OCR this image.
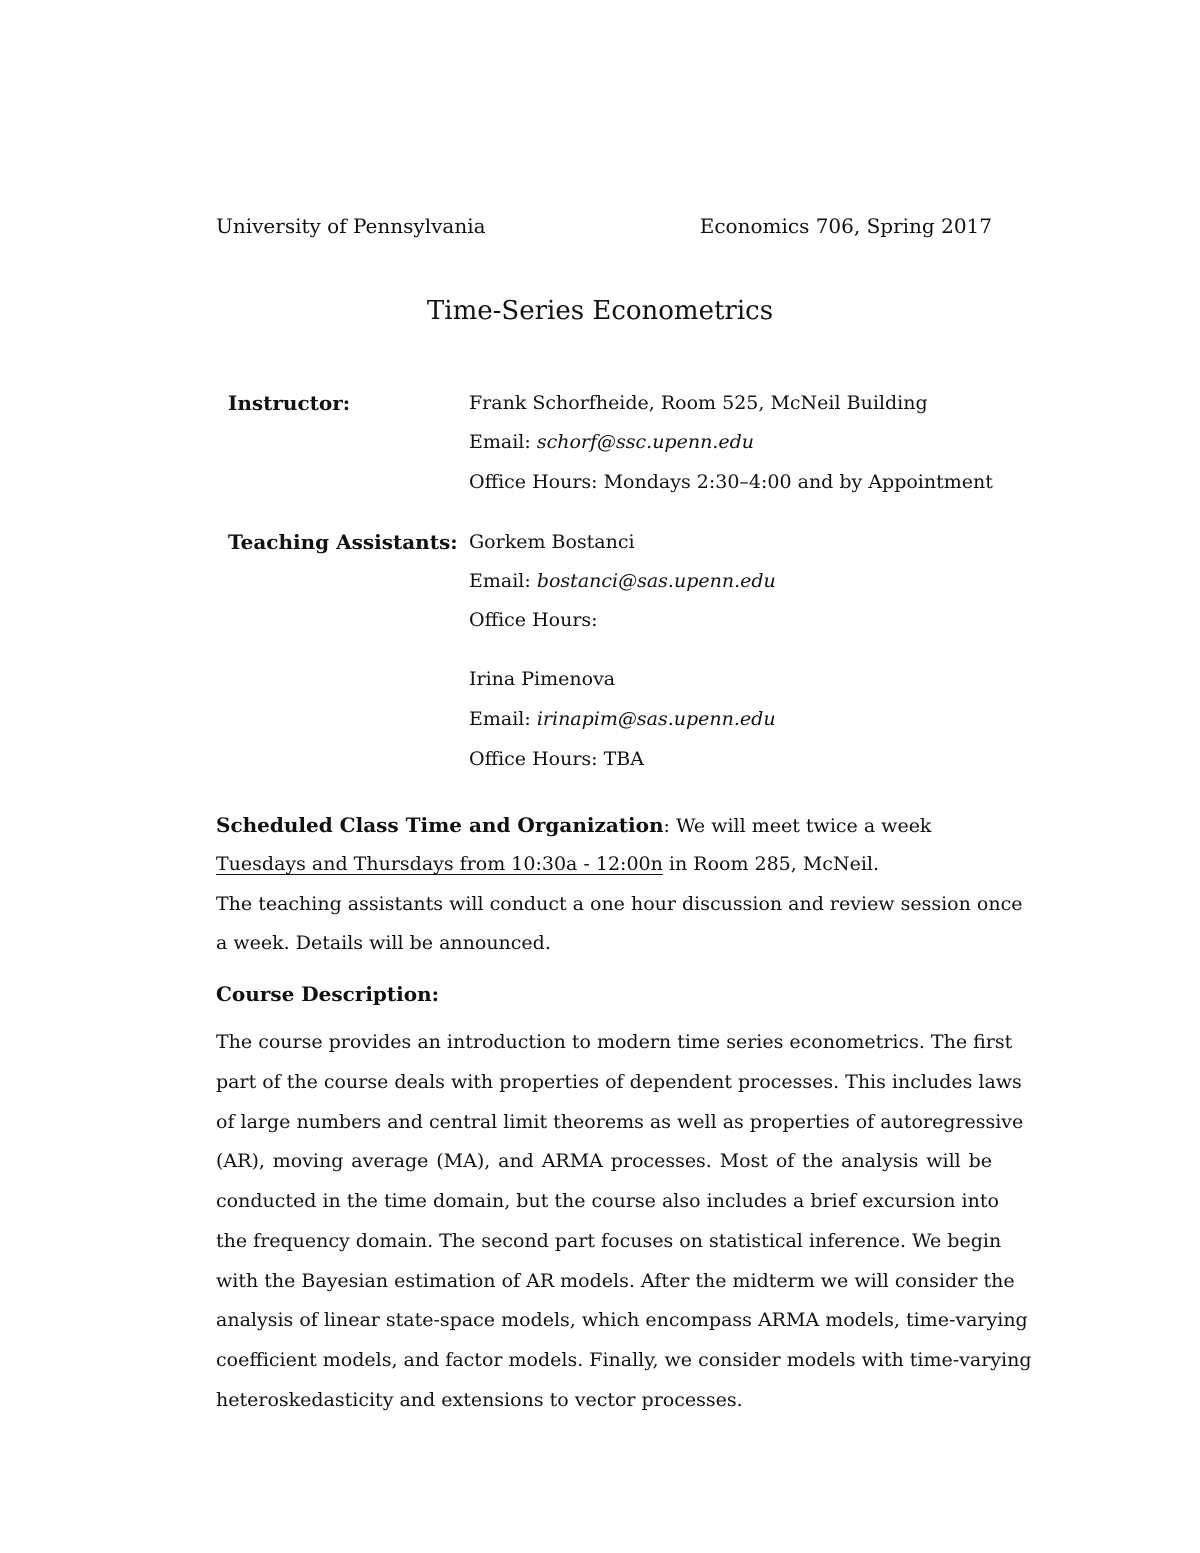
University of Pennsylvania	Economics 706, Spring 2017
Time-Series Econometrics
Instructor:	Frank Schorfheide, Room 525, McNeil Building
Email: schorf@ssc.upenn.edu
Office Hours: Mondays 2:30–4:00 and by Appointment
Teaching Assistants: Gorkem Bostanci
Email: bostanci@sas.upenn.edu
Office Hours:
Irina Pimenova
Email: irinapim@sas.upenn.edu
Office Hours: TBA
Scheduled Class Time and Organization: We will meet twice a week
Tuesdays and Thursdays from 10:30a - 12:00n in Room 285, McNeil.
The teaching assistants will conduct a one hour discussion and review session once
a week. Details will be announced.
Course Description:
The course provides an introduction to modern time series econometrics. The first
part of the course deals with properties of dependent processes. This includes laws
of large numbers and central limit theorems as well as properties of autoregressive
(AR), moving average (MA), and ARMA processes. Most of the analysis will be
conducted in the time domain, but the course also includes a brief excursion into
the frequency domain. The second part focuses on statistical inference. We begin
with the Bayesian estimation of AR models. After the midterm we will consider the
analysis of linear state-space models, which encompass ARMA models, time-varying
coefficient models, and factor models. Finally, we consider models with time-varying
heteroskedasticity and extensions to vector processes.
